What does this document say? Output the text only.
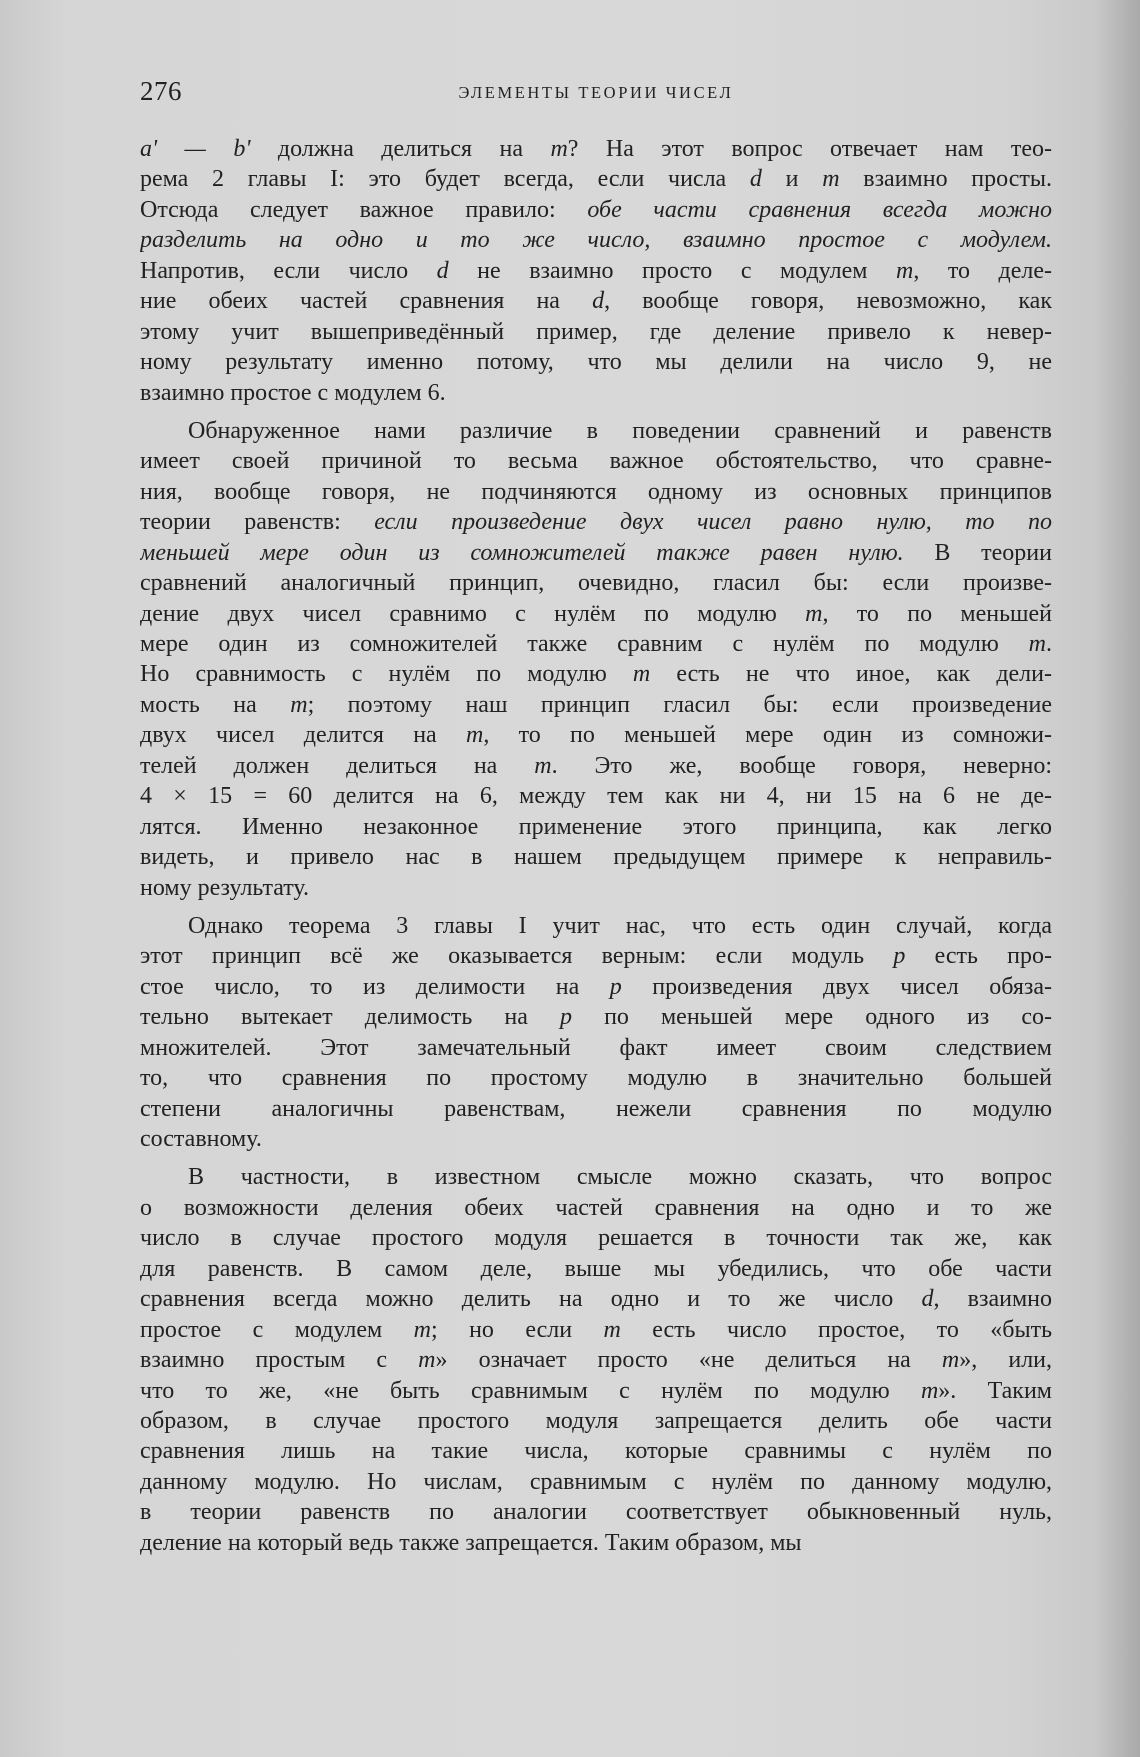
276	ЭЛЕМЕНТЫ ТЕОРИИ ЧИСЕЛ
a' — b' должна делиться на m? На этот вопрос отвечает нам тео-
рема 2 главы I: это будет всегда, если числа d и m взаимно просты.
Отсюда следует важное правило: обе части сравнения всегда можно
разделить на одно и то же число, взаимно простое с модулем.
Напротив, если число d не взаимно просто с модулем m, то деле-
ние обеих частей сравнения на d, вообще говоря, невозможно, как
этому учит вышеприведённый пример, где деление привело к невер-
ному результату именно потому, что мы делили на число 9, не
взаимно простое с модулем 6.
Обнаруженное нами различие в поведении сравнений и равенств
имеет своей причиной то весьма важное обстоятельство, что сравне-
ния, вообще говоря, не подчиняются одному из основных принципов
теории равенств: если произведение двух чисел равно нулю, то по
меньшей мере один из сомножителей также равен нулю. В теории
сравнений аналогичный принцип, очевидно, гласил бы: если произве-
дение двух чисел сравнимо с нулём по модулю m, то по меньшей
мере один из сомножителей также сравним с нулём по модулю m.
Но сравнимость с нулём по модулю m есть не что иное, как дели-
мость на m; поэтому наш принцип гласил бы: если произведение
двух чисел делится на m, то по меньшей мере один из сомножи-
телей должен делиться на m. Это же, вообще говоря, неверно:
4 × 15 = 60 делится на 6, между тем как ни 4, ни 15 на 6 не де-
лятся. Именно незаконное применение этого принципа, как легко
видеть, и привело нас в нашем предыдущем примере к неправиль-
ному результату.
Однако теорема 3 главы I учит нас, что есть один случай, когда
этот принцип всё же оказывается верным: если модуль p есть про-
стое число, то из делимости на p произведения двух чисел обяза-
тельно вытекает делимость на p по меньшей мере одного из со-
множителей. Этот замечательный факт имеет своим следствием
то, что сравнения по простому модулю в значительно большей
степени аналогичны равенствам, нежели сравнения по модулю
составному.
В частности, в известном смысле можно сказать, что вопрос
о возможности деления обеих частей сравнения на одно и то же
число в случае простого модуля решается в точности так же, как
для равенств. В самом деле, выше мы убедились, что обе части
сравнения всегда можно делить на одно и то же число d, взаимно
простое с модулем m; но если m есть число простое, то «быть
взаимно простым с m» означает просто «не делиться на m», или,
что то же, «не быть сравнимым с нулём по модулю m». Таким
образом, в случае простого модуля запрещается делить обе части
сравнения лишь на такие числа, которые сравнимы с нулём по
данному модулю. Но числам, сравнимым с нулём по данному модулю,
в теории равенств по аналогии соответствует обыкновенный нуль,
деление на который ведь также запрещается. Таким образом, мы
